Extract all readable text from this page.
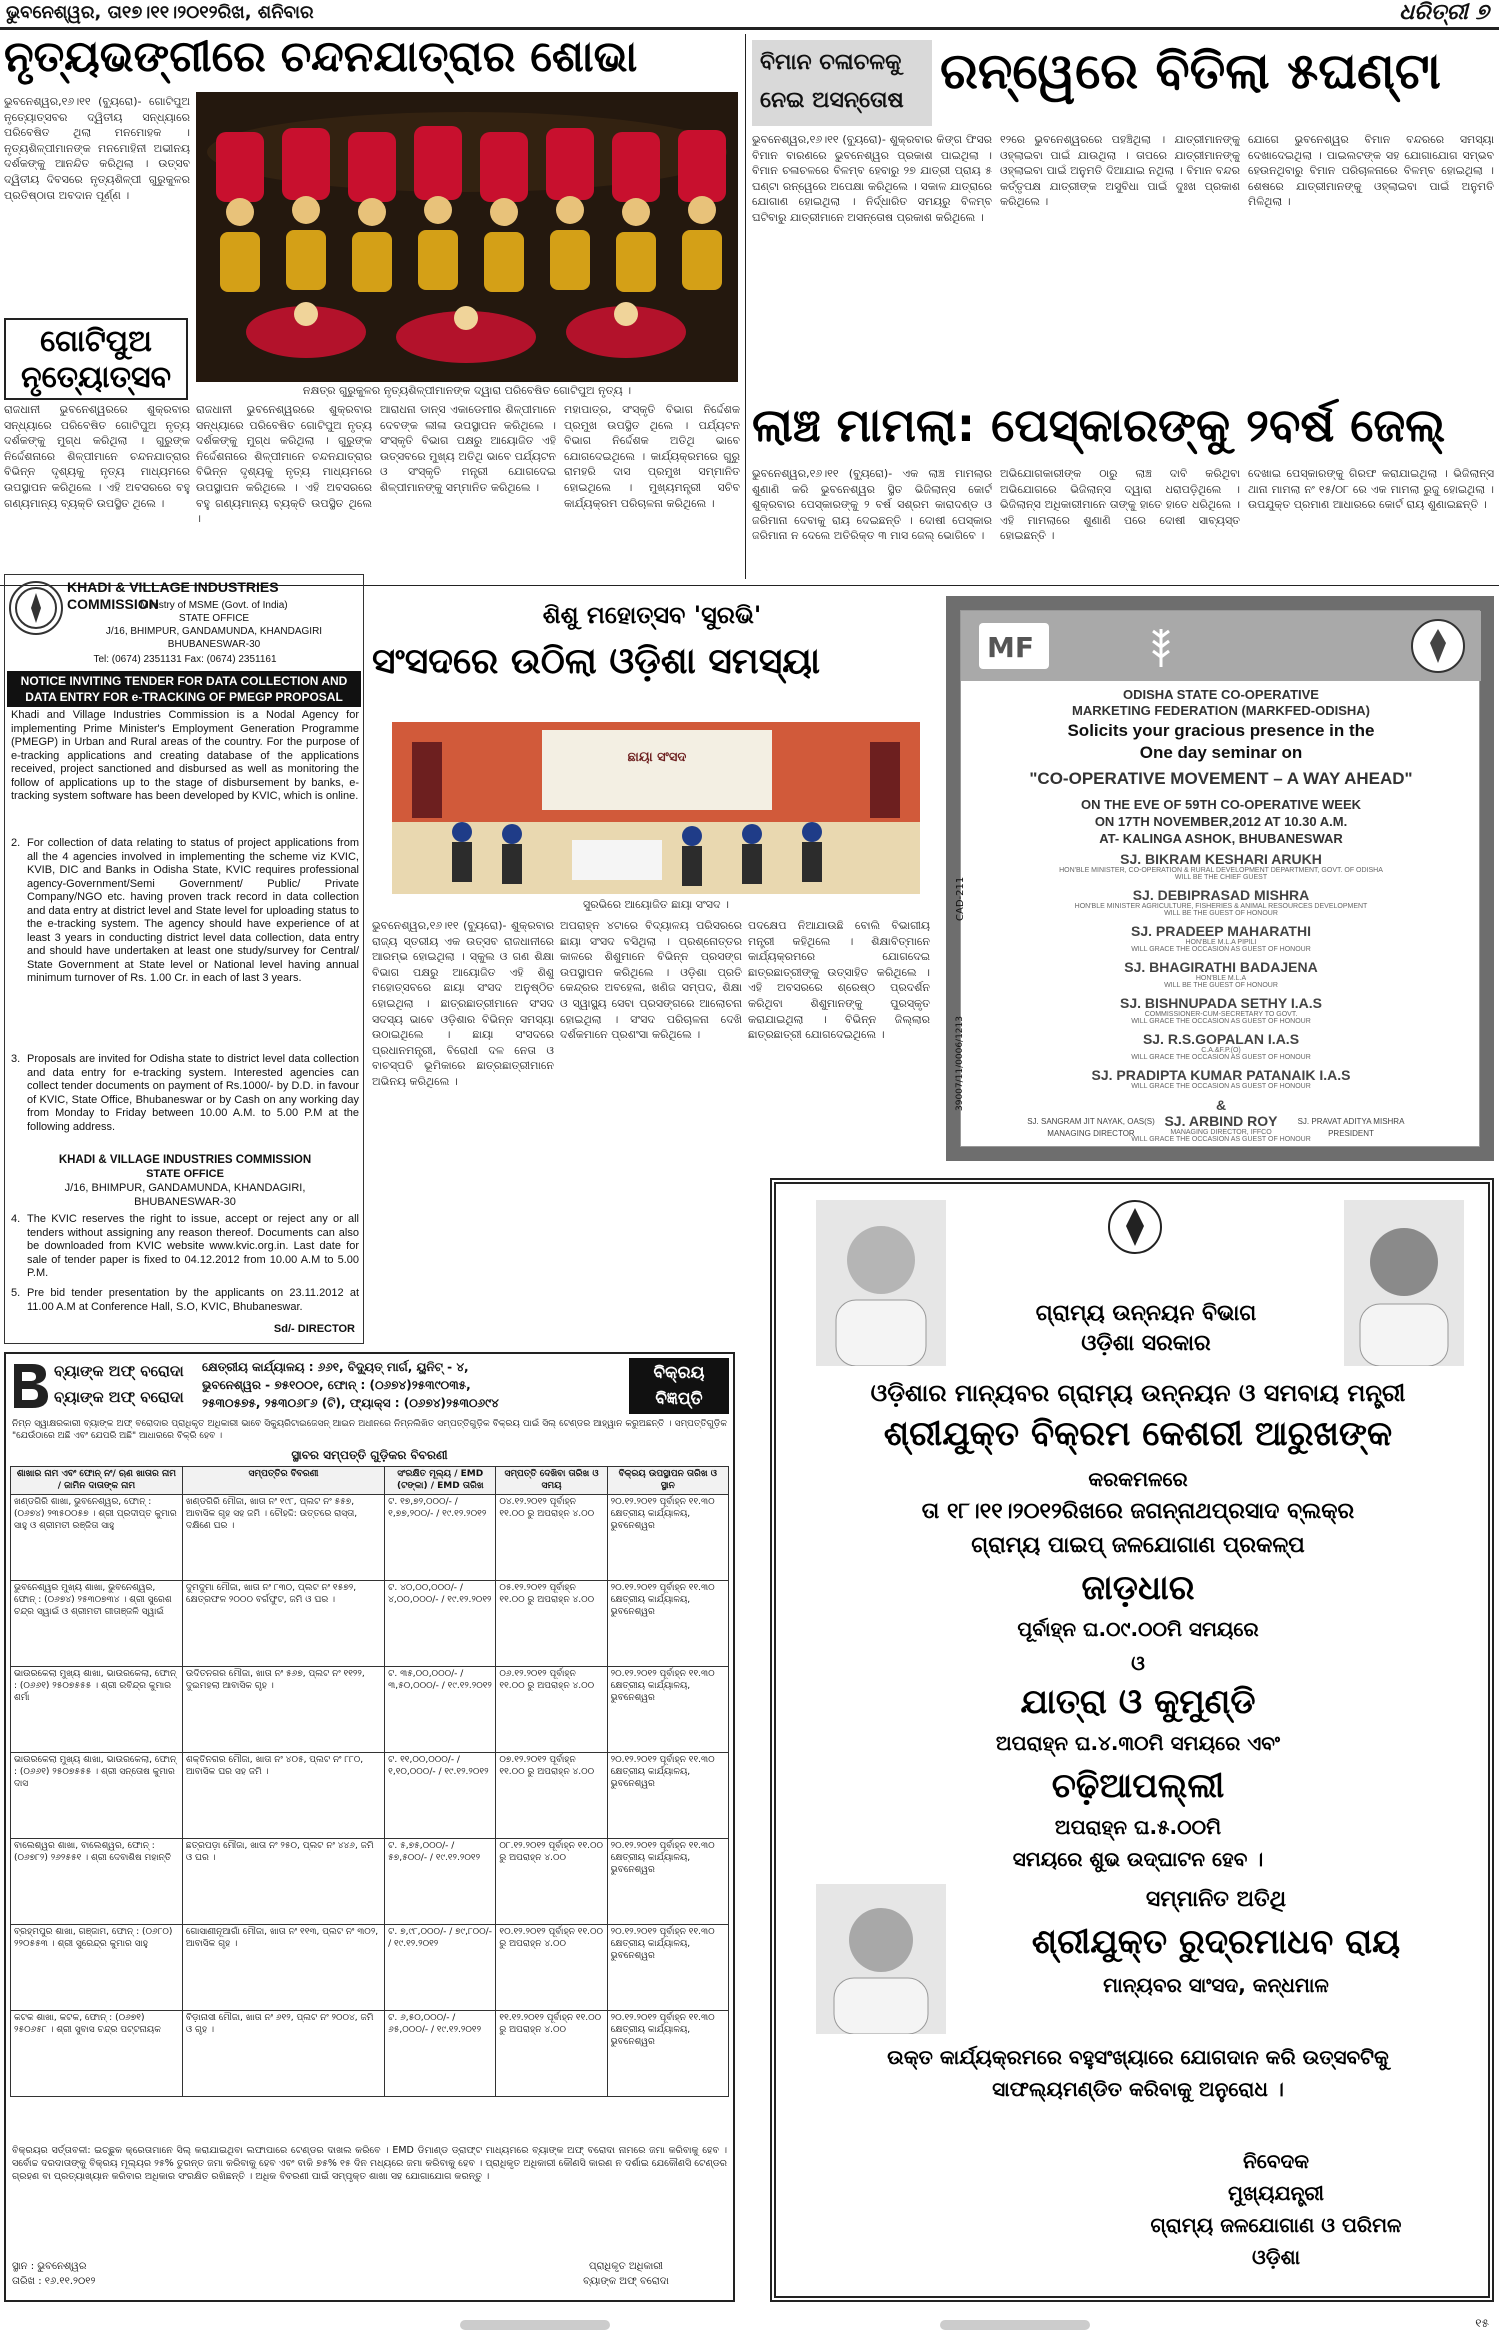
ଭୁବନେଶ୍ୱର, ତା୧୭।୧୧।୨୦୧୨ରିଖ, ଶନିବାର	ଧରିତ୍ରୀ ୭
ନୃତ୍ୟଭଙ୍ଗୀରେ ଚନ୍ଦନଯାତ୍ରାର ଶୋଭା
ଭୁବନେଶ୍ୱର,୧୬।୧୧ (ବ୍ୟୁରୋ)- ଗୋଟିପୁଅ ନୃତ୍ୟୋତ୍ସବର ଦ୍ୱିତୀୟ ସନ୍ଧ୍ୟାରେ ପରିବେଷିତ ଥିଲା ମନମୋହକ । ନୃତ୍ୟଶିଳ୍ପୀମାନଙ୍କ ମନମୋହିନୀ ଅଭୀନୟ ଦର୍ଶକଙ୍କୁ ଆନନ୍ଦିତ କରିଥିଲା । ଉତ୍ସବ ଦ୍ୱିତୀୟ ଦିବସରେ ନୃତ୍ୟଶିଳ୍ପୀ ଗୁରୁକୁଳର ପ୍ରତିଷ୍ଠାତା ଅବଦାନ ପୂର୍ଣ୍ଣ ।
ଗୋଟିପୁଅ ନୃତ୍ୟୋତ୍ସବ	ନକ୍ଷତ୍ର ଗୁରୁକୁଳର ନୃତ୍ୟଶିଳ୍ପୀମାନଙ୍କ ଦ୍ୱାରା ପରିବେଷିତ ଗୋଟିପୁଅ ନୃତ୍ୟ ।
ରାଜଧାନୀ ଭୁବନେଶ୍ୱରରେ ଶୁକ୍ରବାର ସନ୍ଧ୍ୟାରେ ପରିବେଷିତ ଗୋଟିପୁଅ ନୃତ୍ୟ ଦର୍ଶକଙ୍କୁ ମୁଗ୍ଧ କରିଥିଲା । ଗୁରୁଙ୍କ ନିର୍ଦ୍ଦେଶନାରେ ଶିଳ୍ପୀମାନେ ଚନ୍ଦନଯାତ୍ରାର ବିଭିନ୍ନ ଦୃଶ୍ୟକୁ ନୃତ୍ୟ ମାଧ୍ୟମରେ ଉପସ୍ଥାପନ କରିଥିଲେ । ଏହି ଅବସରରେ ବହୁ ଗଣ୍ୟମାନ୍ୟ ବ୍ୟକ୍ତି ଉପସ୍ଥିତ ଥିଲେ ।
ରାଜଧାନୀ ଭୁବନେଶ୍ୱରରେ ଶୁକ୍ରବାର ସନ୍ଧ୍ୟାରେ ପରିବେଷିତ ଗୋଟିପୁଅ ନୃତ୍ୟ ଦର୍ଶକଙ୍କୁ ମୁଗ୍ଧ କରିଥିଲା । ଗୁରୁଙ୍କ ନିର୍ଦ୍ଦେଶନାରେ ଶିଳ୍ପୀମାନେ ଚନ୍ଦନଯାତ୍ରାର ବିଭିନ୍ନ ଦୃଶ୍ୟକୁ ନୃତ୍ୟ ମାଧ୍ୟମରେ ଉପସ୍ଥାପନ କରିଥିଲେ । ଏହି ଅବସରରେ ବହୁ ଗଣ୍ୟମାନ୍ୟ ବ୍ୟକ୍ତି ଉପସ୍ଥିତ ଥିଲେ ।
ଆରାଧନା ଡାନ୍ସ ଏକାଡେମୀର ଶିଳ୍ପୀମାନେ ଦେବଙ୍କ ଲୀଳା ଉପସ୍ଥାପନ କରିଥିଲେ । ସଂସ୍କୃତି ବିଭାଗ ପକ୍ଷରୁ ଆୟୋଜିତ ଏହି ଉତ୍ସବରେ ମୁଖ୍ୟ ଅତିଥି ଭାବେ ପର୍ଯ୍ୟଟନ ଓ ସଂସ୍କୃତି ମନ୍ତ୍ରୀ ଯୋଗଦେଇ ଶିଳ୍ପୀମାନଙ୍କୁ ସମ୍ମାନିତ କରିଥିଲେ ।
ମହାପାତ୍ର, ସଂସ୍କୃତି ବିଭାଗ ନିର୍ଦ୍ଦେଶକ ପ୍ରମୁଖ ଉପସ୍ଥିତ ଥିଲେ । ପର୍ଯ୍ୟଟନ ବିଭାଗ ନିର୍ଦ୍ଦେଶକ ଅତିଥି ଭାବେ ଯୋଗଦେଇଥିଲେ । କାର୍ଯ୍ୟକ୍ରମରେ ଗୁରୁ ରାମହରି ଦାସ ପ୍ରମୁଖ ସମ୍ମାନିତ ହୋଇଥିଲେ । ମୁଖ୍ୟମନ୍ତ୍ରୀ ସଚିବ କାର୍ଯ୍ୟକ୍ରମ ପରିଚାଳନା କରିଥିଲେ ।
ବିମାନ ଚଳାଚଳକୁ
ନେଇ ଅସନ୍ତୋଷ
ରନ୍‌ୱେରେ ବିତିଲା ୫ଘଣ୍ଟା
ଭୁବନେଶ୍ୱର,୧୬।୧୧ (ବ୍ୟୁରୋ)- ଶୁକ୍ରବାର କିଙ୍ଗ ଫିସର ବିମାନ ବାରଣରେ ଭୁବନେଶ୍ୱର ପ୍ରକାଶ ପାଇଥିଲା । ବିମାନ ଚଳାଚଳରେ ବିଳମ୍ବ ହେବାରୁ ୨୭ ଯାତ୍ରୀ ପ୍ରାୟ ୫ ଘଣ୍ଟା ରନ୍‌ୱେରେ ଅପେକ୍ଷା କରିଥିଲେ । ସକାଳ ଯାତ୍ରାରେ ଯୋଗାଣ ହୋଇଥିଲା । ନିର୍ଦ୍ଧାରିତ ସମୟରୁ ବିଳମ୍ବ ଘଟିବାରୁ ଯାତ୍ରୀମାନେ ଅସନ୍ତୋଷ ପ୍ରକାଶ କରିଥିଲେ ।
୧୨ରେ ଭୁବନେଶ୍ୱରରେ ପହଞ୍ଚିଥିଲା । ଯାତ୍ରୀମାନଙ୍କୁ ଓହ୍ଲାଇବା ପାଇଁ ଯାଉଥିଲା । ତାପରେ ଯାତ୍ରୀମାନଙ୍କୁ ଓହ୍ଲାଇବା ପାଇଁ ଅନୁମତି ଦିଆଯାଇ ନଥିଲା । ବିମାନ ବନ୍ଦର କର୍ତ୍ତୃପକ୍ଷ ଯାତ୍ରୀଙ୍କ ଅସୁବିଧା ପାଇଁ ଦୁଃଖ ପ୍ରକାଶ କରିଥିଲେ ।
ଯୋଗେ ଭୁବନେଶ୍ୱର ବିମାନ ବନ୍ଦରରେ ସମସ୍ୟା ଦେଖାଦେଇଥିଲା । ପାଇଲଟଙ୍କ ସହ ଯୋଗାଯୋଗ ସମ୍ଭବ ହେଉନଥିବାରୁ ବିମାନ ପରିଚାଳନାରେ ବିଳମ୍ବ ହୋଇଥିଲା । ଶେଷରେ ଯାତ୍ରୀମାନଙ୍କୁ ଓହ୍ଲାଇବା ପାଇଁ ଅନୁମତି ମିଳିଥିଲା ।
ଲାଞ୍ଚ ମାମଲା: ପେସ୍କାରଙ୍କୁ ୨ବର୍ଷ ଜେଲ୍
ଭୁବନେଶ୍ୱର,୧୬।୧୧ (ବ୍ୟୁରୋ)- ଏକ ଲାଞ୍ଚ ମାମଲାର ଶୁଣାଣି କରି ଭୁବନେଶ୍ୱର ସ୍ଥିତ ଭିଜିଲାନ୍ସ କୋର୍ଟ ଶୁକ୍ରବାର ପେସ୍କାରଙ୍କୁ ୨ ବର୍ଷ ସଶ୍ରମ କାରାଦଣ୍ଡ ଓ ଜରିମାନା ଦେବାକୁ ରାୟ ଦେଇଛନ୍ତି । ଦୋଷୀ ପେସ୍କାର ଜରିମାନା ନ ଦେଲେ ଅତିରିକ୍ତ ୩ ମାସ ଜେଲ୍ ଭୋଗିବେ ।
ଅଭିଯୋଗକାରୀଙ୍କ ଠାରୁ ଲାଞ୍ଚ ଦାବି କରିଥିବା ଅଭିଯୋଗରେ ଭିଜିଲାନ୍ସ ଦ୍ୱାରା ଧରାପଡ଼ିଥିଲେ । ଭିଜିଲାନ୍ସ ଅଧିକାରୀମାନେ ତାଙ୍କୁ ହାତେ ହାତେ ଧରିଥିଲେ । ଏହି ମାମଲାରେ ଶୁଣାଣି ପରେ ଦୋଷୀ ସାବ୍ୟସ୍ତ ହୋଇଛନ୍ତି ।
ଦେଖାଇ ପେସ୍କାରଙ୍କୁ ଗିରଫ କରାଯାଇଥିଲା । ଭିଜିଲାନ୍ସ ଥାନା ମାମଲା ନଂ ୧୫/୦୮ ରେ ଏକ ମାମଲା ରୁଜୁ ହୋଇଥିଲା । ଉପଯୁକ୍ତ ପ୍ରମାଣ ଆଧାରରେ କୋର୍ଟ ରାୟ ଶୁଣାଇଛନ୍ତି ।
KHADI & VILLAGE INDUSTRIES COMMISSION
Ministry of MSME (Govt. of India)
STATE OFFICE
J/16, BHIMPUR, GANDAMUNDA, KHANDAGIRI
BHUBANESWAR-30
Tel: (0674) 2351131 Fax: (0674) 2351161
NOTICE INVITING TENDER FOR DATA COLLECTION AND DATA ENTRY FOR e-TRACKING OF PMEGP PROPOSAL
Khadi and Village Industries Commission is a Nodal Agency for implementing Prime Minister's Employment Generation Programme (PMEGP) in Urban and Rural areas of the country. For the purpose of e-tracking applications and creating database of the applications received, project sanctioned and disbursed as well as monitoring the follow of applications up to the stage of disbursement by banks, e-tracking system software has been developed by KVIC, which is online.
2. For collection of data relating to status of project applications from all the 4 agencies involved in implementing the scheme viz KVIC, KVIB, DIC and Banks in Odisha State, KVIC requires professional agency-Government/Semi Government/ Public/ Private Company/NGO etc. having proven track record in data collection and data entry at district level and State level for uploading status to the e-tracking system. The agency should have experience of at least 3 years in conducting district level data collection, data entry and should have undertaken at least one study/survey for Central/ State Government at State level or National level having annual minimum turnover of Rs. 1.00 Cr. in each of last 3 years.
3. Proposals are invited for Odisha state to district level data collection and data entry for e-tracking system. Interested agencies can collect tender documents on payment of Rs.1000/- by D.D. in favour of KVIC, State Office, Bhubaneswar or by Cash on any working day from Monday to Friday between 10.00 A.M. to 5.00 P.M at the following address.
KHADI & VILLAGE INDUSTRIES COMMISSION
STATE OFFICE
J/16, BHIMPUR, GANDAMUNDA, KHANDAGIRI, BHUBANESWAR-30
4. The KVIC reserves the right to issue, accept or reject any or all tenders without assigning any reason thereof. Documents can also be downloaded from KVIC website www.kvic.org.in. Last date for sale of tender paper is fixed to 04.12.2012 from 10.00 A.M to 5.00 P.M.
5. Pre bid tender presentation by the applicants on 23.11.2012 at 11.00 A.M at Conference Hall, S.O, KVIC, Bhubaneswar.
Sd/- DIRECTOR
ଶିଶୁ ମହୋତ୍ସବ 'ସୁରଭି'
ସଂସଦରେ ଉଠିଲା ଓଡ଼ିଶା ସମସ୍ୟା
ଛାୟା ସଂସଦ
ସୁରଭିରେ ଆୟୋଜିତ ଛାୟା ସଂସଦ ।
ଭୁବନେଶ୍ୱର,୧୬।୧୧ (ବ୍ୟୁରୋ)- ଶୁକ୍ରବାର ରାଜ୍ୟ ସ୍ତରୀୟ ଏକ ଉତ୍ସବ ରାଜଧାନୀରେ ଆରମ୍ଭ ହୋଇଥିଲା । ସ୍କୁଲ ଓ ଗଣ ଶିକ୍ଷା ବିଭାଗ ପକ୍ଷରୁ ଆୟୋଜିତ ଏହି ଶିଶୁ ମହୋତ୍ସବରେ ଛାୟା ସଂସଦ ଅନୁଷ୍ଠିତ ହୋଇଥିଲା । ଛାତ୍ରଛାତ୍ରୀମାନେ ସଂସଦ ସଦସ୍ୟ ଭାବେ ଓଡ଼ିଶାର ବିଭିନ୍ନ ସମସ୍ୟା ଉଠାଇଥିଲେ । ଛାୟା ସଂସଦରେ ପ୍ରଧାନମନ୍ତ୍ରୀ, ବିରୋଧୀ ଦଳ ନେତା ଓ ବାଚସ୍ପତି ଭୂମିକାରେ ଛାତ୍ରଛାତ୍ରୀମାନେ ଅଭିନୟ କରିଥିଲେ ।
ଅପରାହ୍ନ ୪ଟାରେ ବିଦ୍ୟାଳୟ ପରିସରରେ ଛାୟା ସଂସଦ ବସିଥିଲା । ପ୍ରଶ୍ନୋତ୍ତର କାଳରେ ଶିଶୁମାନେ ବିଭିନ୍ନ ପ୍ରସଙ୍ଗ ଉପସ୍ଥାପନ କରିଥିଲେ । ଓଡ଼ିଶା ପ୍ରତି କେନ୍ଦ୍ରର ଅବହେଳା, ଖଣିଜ ସମ୍ପଦ, ଶିକ୍ଷା ଓ ସ୍ୱାସ୍ଥ୍ୟ ସେବା ପ୍ରସଙ୍ଗରେ ଆଲୋଚନା ହୋଇଥିଲା । ସଂସଦ ପରିଚାଳନା ଦେଖି ଦର୍ଶକମାନେ ପ୍ରଶଂସା କରିଥିଲେ ।
ପଦକ୍ଷେପ ନିଆଯାଉଛି ବୋଲି ବିଭାଗୀୟ ମନ୍ତ୍ରୀ କହିଥିଲେ । ଶିକ୍ଷାବିତ୍ମାନେ କାର୍ଯ୍ୟକ୍ରମରେ ଯୋଗଦେଇ ଛାତ୍ରଛାତ୍ରୀଙ୍କୁ ଉତ୍ସାହିତ କରିଥିଲେ । ଏହି ଅବସରରେ ଶ୍ରେଷ୍ଠ ପ୍ରଦର୍ଶନ କରିଥିବା ଶିଶୁମାନଙ୍କୁ ପୁରସ୍କୃତ କରାଯାଇଥିଲା । ବିଭିନ୍ନ ଜିଲ୍ଲାର ଛାତ୍ରଛାତ୍ରୀ ଯୋଗଦେଇଥିଲେ ।
MF
CAD-211
39007/11/0006/1213
ODISHA STATE CO-OPERATIVE
MARKETING FEDERATION (MARKFED-ODISHA)
Solicits your gracious presence in the
One day seminar on
"CO-OPERATIVE MOVEMENT – A WAY AHEAD"
ON THE EVE OF 59TH CO-OPERATIVE WEEK
ON 17TH NOVEMBER,2012 AT 10.30 A.M.
AT- KALINGA ASHOK, BHUBANESWAR
SJ. BIKRAM KESHARI ARUKH
HON'BLE MINISTER, CO-OPERATION & RURAL DEVELOPMENT DEPARTMENT, GOVT. OF ODISHA
WILL BE THE CHIEF GUEST
SJ. DEBIPRASAD MISHRA
HON'BLE MINISTER AGRICULTURE, FISHERIES & ANIMAL RESOURCES DEVELOPMENT
WILL BE THE GUEST OF HONOUR
SJ. PRADEEP MAHARATHI
HON'BLE M.L.A PIPILI
WILL GRACE THE OCCASION AS GUEST OF HONOUR
SJ. BHAGIRATHI BADAJENA
HON'BLE M.L.A
WILL BE THE GUEST OF HONOUR
SJ. BISHNUPADA SETHY I.A.S
COMMISSIONER-CUM-SECRETARY TO GOVT.
WILL GRACE THE OCCASION AS GUEST OF HONOUR
SJ. R.S.GOPALAN I.A.S
C.A.&F.P.(O)
WILL GRACE THE OCCASION AS GUEST OF HONOUR
SJ. PRADIPTA KUMAR PATANAIK I.A.S
WILL GRACE THE OCCASION AS GUEST OF HONOUR
&
SJ. ARBIND ROY
MANAGING DIRECTOR, IFFCO
WILL GRACE THE OCCASION AS GUEST OF HONOUR
SJ. SANGRAM JIT NAYAK, OAS(S)
MANAGING DIRECTOR
SJ. PRAVAT ADITYA MISHRA
PRESIDENT
ବ୍ୟାଙ୍କ ଅଫ୍ ବରୋଦା
ବ୍ୟାଙ୍କ ଅଫ୍ ବରୋଦା
କ୍ଷେତ୍ରୀୟ କାର୍ଯ୍ୟାଳୟ : ୬୬୧, ବିଦ୍ୟୁତ୍ ମାର୍ଗ, ୟୁନିଟ୍ - ୪,
ଭୁବନେଶ୍ୱର - ୭୫୧୦୦୧, ଫୋନ୍ : (୦୬୭୪)୨୫୩୯୦୩୫,
୨୫୩୦୫୭୫, ୨୫୩୦୬୮୬ (ଟି), ଫ୍ୟାକ୍ସ : (୦୬୭୪)୨୫୩୦୬୯୪
ବିକ୍ରୟ
ବିଜ୍ଞପ୍ତି
ନିମ୍ନ ସ୍ୱାକ୍ଷରକାରୀ ବ୍ୟାଙ୍କ ଅଫ୍ ବରୋଦାର ପ୍ରାଧିକୃତ ଅଧିକାରୀ ଭାବେ ସିକ୍ୟୁରିଟାଇଜେସନ୍ ଆଇନ ଅଧୀନରେ ନିମ୍ନଲିଖିତ ସମ୍ପତ୍ତିଗୁଡ଼ିକ ବିକ୍ରୟ ପାଇଁ ସିଲ୍ ଟେଣ୍ଡର ଆହ୍ୱାନ କରୁଅଛନ୍ତି । ସମ୍ପତ୍ତିଗୁଡ଼ିକ "ଯେଉଁଠାରେ ଅଛି ଏବଂ ଯେପରି ଅଛି" ଆଧାରରେ ବିକ୍ରି ହେବ ।
ସ୍ଥାବର ସମ୍ପତ୍ତି ଗୁଡ଼ିକର ବିବରଣୀ
ଶାଖାର ନାମ ଏବଂ ଫୋନ୍ ନଂ/ ଋଣ ଖାତାର ନାମ / ଜାମିନ ଦାତାଙ୍କ ନାମ	ସମ୍ପତ୍ତିର ବିବରଣୀ	ସଂରକ୍ଷିତ ମୂଲ୍ୟ / EMD (ଟଙ୍କା) / EMD ତାରିଖ	ସମ୍ପତ୍ତି ଦେଖିବା ତାରିଖ ଓ ସମୟ	ବିକ୍ରୟ ଉପସ୍ଥାପନ ତାରିଖ ଓ ସ୍ଥାନ
ଖଣ୍ଡଗିରି ଶାଖା, ଭୁବନେଶ୍ୱର, ଫୋନ୍ : (୦୬୭୪) ୨୩୫୦୦୫୭ । ଶ୍ରୀ ପ୍ରଦୀପ୍ତ କୁମାର ସାହୁ ଓ ଶ୍ରୀମତୀ ରଞ୍ଜିତା ସାହୁ	ଖଣ୍ଡଗିରି ମୌଜା, ଖାତା ନଂ ୧୯୮, ପ୍ଲଟ ନଂ ୫୫୭, ଆବାସିକ ଗୃହ ସହ ଜମି । ଚୌହଦ୍ଦି: ଉତ୍ତରେ ରାସ୍ତା, ଦକ୍ଷିଣେ ଘର ।	ଟ. ୧୭,୭୨,୦୦୦/- / ୧,୭୭,୨୦୦/- / ୧୯.୧୨.୨୦୧୨	୦୪.୧୨.୨୦୧୨ ପୂର୍ବାହ୍ନ ୧୧.୦୦ ରୁ ଅପରାହ୍ନ ୪.୦୦	୨୦.୧୨.୨୦୧୨ ପୂର୍ବାହ୍ନ ୧୧.୩୦ କ୍ଷେତ୍ରୀୟ କାର୍ଯ୍ୟାଳୟ, ଭୁବନେଶ୍ୱର
ଭୁବନେଶ୍ୱର ମୁଖ୍ୟ ଶାଖା, ଭୁବନେଶ୍ୱର, ଫୋନ୍ : (୦୬୭୪) ୨୫୩୦୭୩୪ । ଶ୍ରୀ ସୁରେଶ ଚନ୍ଦ୍ର ସ୍ୱାଇଁ ଓ ଶ୍ରୀମତୀ ଗୀତାଞ୍ଜଳି ସ୍ୱାଇଁ	ଦୁମଦୁମା ମୌଜା, ଖାତା ନଂ ୮୩୦, ପ୍ଲଟ ନଂ ୧୫୭୨, କ୍ଷେତ୍ରଫଳ ୨୦୦୦ ବର୍ଗଫୁଟ, ଜମି ଓ ଘର ।	ଟ. ୪୦,୦୦,୦୦୦/- / ୪,୦୦,୦୦୦/- / ୧୯.୧୨.୨୦୧୨	୦୫.୧୨.୨୦୧୨ ପୂର୍ବାହ୍ନ ୧୧.୦୦ ରୁ ଅପରାହ୍ନ ୪.୦୦	୨୦.୧୨.୨୦୧୨ ପୂର୍ବାହ୍ନ ୧୧.୩୦ କ୍ଷେତ୍ରୀୟ କାର୍ଯ୍ୟାଳୟ, ଭୁବନେଶ୍ୱର
ଭାଉରକେଲା ମୁଖ୍ୟ ଶାଖା, ଭାଉରକେଲା, ଫୋନ୍ : (୦୬୬୧) ୨୫୦୭୫୫୫ । ଶ୍ରୀ ରବିନ୍ଦ୍ର କୁମାର ଶର୍ମା	ଉଦିତନଗର ମୌଜା, ଖାତା ନଂ ୫୬୭, ପ୍ଲଟ ନଂ ୧୧୨୨, ଦୁଇମହଲା ଆବାସିକ ଗୃହ ।	ଟ. ୩୫,୦୦,୦୦୦/- / ୩,୫୦,୦୦୦/- / ୧୯.୧୨.୨୦୧୨	୦୬.୧୨.୨୦୧୨ ପୂର୍ବାହ୍ନ ୧୧.୦୦ ରୁ ଅପରାହ୍ନ ୪.୦୦	୨୦.୧୨.୨୦୧୨ ପୂର୍ବାହ୍ନ ୧୧.୩୦ କ୍ଷେତ୍ରୀୟ କାର୍ଯ୍ୟାଳୟ, ଭୁବନେଶ୍ୱର
ଭାଉରକେଲା ମୁଖ୍ୟ ଶାଖା, ଭାଉରକେଲା, ଫୋନ୍ : (୦୬୬୧) ୨୫୦୭୫୫୫ । ଶ୍ରୀ ସନ୍ତୋଷ କୁମାର ଦାସ	ଶକ୍ତିନଗର ମୌଜା, ଖାତା ନଂ ୪୦୫, ପ୍ଲଟ ନଂ ୮୮୦, ଆବାସିକ ଘର ସହ ଜମି ।	ଟ. ୧୧,୦୦,୦୦୦/- / ୧,୧୦,୦୦୦/- / ୧୯.୧୨.୨୦୧୨	୦୭.୧୨.୨୦୧୨ ପୂର୍ବାହ୍ନ ୧୧.୦୦ ରୁ ଅପରାହ୍ନ ୪.୦୦	୨୦.୧୨.୨୦୧୨ ପୂର୍ବାହ୍ନ ୧୧.୩୦ କ୍ଷେତ୍ରୀୟ କାର୍ଯ୍ୟାଳୟ, ଭୁବନେଶ୍ୱର
ବାଲେଶ୍ୱର ଶାଖା, ବାଲେଶ୍ୱର, ଫୋନ୍ : (୦୬୭୮୨) ୨୬୨୫୫୧ । ଶ୍ରୀ ଦେବାଶିଷ ମହାନ୍ତି	ଛତ୍ରପଡ଼ା ମୌଜା, ଖାତା ନଂ ୨୫୦, ପ୍ଲଟ ନଂ ୪୪୬, ଜମି ଓ ଘର ।	ଟ. ୫,୭୫,୦୦୦/- / ୫୭,୫୦୦/- / ୧୯.୧୨.୨୦୧୨	୦୮.୧୨.୨୦୧୨ ପୂର୍ବାହ୍ନ ୧୧.୦୦ ରୁ ଅପରାହ୍ନ ୪.୦୦	୨୦.୧୨.୨୦୧୨ ପୂର୍ବାହ୍ନ ୧୧.୩୦ କ୍ଷେତ୍ରୀୟ କାର୍ଯ୍ୟାଳୟ, ଭୁବନେଶ୍ୱର
ବ୍ରହ୍ମପୁର ଶାଖା, ଗଞ୍ଜାମ, ଫୋନ୍ : (୦୬୮୦) ୨୨୦୫୫୩ । ଶ୍ରୀ ସୁରେନ୍ଦ୍ର କୁମାର ସାହୁ	ଗୋସାଣୀନୂଆଗାଁ ମୌଜା, ଖାତା ନଂ ୧୧୩, ପ୍ଲଟ ନଂ ୩୦୨, ଆବାସିକ ଗୃହ ।	ଟ. ୭,୯୮,୦୦୦/- / ୭୯,୮୦୦/- / ୧୯.୧୨.୨୦୧୨	୧୦.୧୨.୨୦୧୨ ପୂର୍ବାହ୍ନ ୧୧.୦୦ ରୁ ଅପରାହ୍ନ ୪.୦୦	୨୦.୧୨.୨୦୧୨ ପୂର୍ବାହ୍ନ ୧୧.୩୦ କ୍ଷେତ୍ରୀୟ କାର୍ଯ୍ୟାଳୟ, ଭୁବନେଶ୍ୱର
କଟକ ଶାଖା, କଟକ, ଫୋନ୍ : (୦୬୭୧) ୨୫୦୬୫୮ । ଶ୍ରୀ ସୁବାସ ଚନ୍ଦ୍ର ପଟ୍ଟନାୟକ	ବିଡ଼ାନାସୀ ମୌଜା, ଖାତା ନଂ ୬୧୨, ପ୍ଲଟ ନଂ ୨୦୦୪, ଜମି ଓ ଗୃହ ।	ଟ. ୬,୫୦,୦୦୦/- / ୬୫,୦୦୦/- / ୧୯.୧୨.୨୦୧୨	୧୧.୧୨.୨୦୧୨ ପୂର୍ବାହ୍ନ ୧୧.୦୦ ରୁ ଅପରାହ୍ନ ୪.୦୦	୨୦.୧୨.୨୦୧୨ ପୂର୍ବାହ୍ନ ୧୧.୩୦ କ୍ଷେତ୍ରୀୟ କାର୍ଯ୍ୟାଳୟ, ଭୁବନେଶ୍ୱର
ବିକ୍ରୟର ସର୍ତ୍ତାବଳୀ: ଇଚ୍ଛୁକ କ୍ରେତାମାନେ ସିଲ୍ କରାଯାଇଥିବା ଲଫାପାରେ ଟେଣ୍ଡର ଦାଖଲ କରିବେ । EMD ଡିମାଣ୍ଡ ଡ୍ରାଫ୍ଟ ମାଧ୍ୟମରେ ବ୍ୟାଙ୍କ ଅଫ୍ ବରୋଦା ନାମରେ ଜମା କରିବାକୁ ହେବ । ସର୍ବୋଚ୍ଚ ଦରଦାତାଙ୍କୁ ବିକ୍ରୟ ମୂଲ୍ୟର ୨୫% ତୁରନ୍ତ ଜମା କରିବାକୁ ହେବ ଏବଂ ବାକି ୭୫% ୧୫ ଦିନ ମଧ୍ୟରେ ଜମା କରିବାକୁ ହେବ । ପ୍ରାଧିକୃତ ଅଧିକାରୀ କୌଣସି କାରଣ ନ ଦର୍ଶାଇ ଯେକୌଣସି ଟେଣ୍ଡର ଗ୍ରହଣ ବା ପ୍ରତ୍ୟାଖ୍ୟାନ କରିବାର ଅଧିକାର ସଂରକ୍ଷିତ ରଖିଛନ୍ତି । ଅଧିକ ବିବରଣୀ ପାଇଁ ସମ୍ପୃକ୍ତ ଶାଖା ସହ ଯୋଗାଯୋଗ କରନ୍ତୁ ।
ସ୍ଥାନ : ଭୁବନେଶ୍ୱର
ତାରିଖ : ୧୬.୧୧.୨୦୧୨
ପ୍ରାଧିକୃତ ଅଧିକାରୀ
ବ୍ୟାଙ୍କ ଅଫ୍ ବରୋଦା
ଗ୍ରାମ୍ୟ ଉନ୍ନୟନ ବିଭାଗ
ଓଡ଼ିଶା ସରକାର
ଓଡ଼ିଶାର ମାନ୍ୟବର ଗ୍ରାମ୍ୟ ଉନ୍ନୟନ ଓ ସମବାୟ ମନ୍ତ୍ରୀ
ଶ୍ରୀଯୁକ୍ତ ବିକ୍ରମ କେଶରୀ ଆରୁଖଙ୍କ
କରକମଳରେ
ତା ୧୮।୧୧।୨୦୧୨ରିଖରେ ଜଗନ୍ନାଥପ୍ରସାଦ ବ୍ଲକ୍‌ର
ଗ୍ରାମ୍ୟ ପାଇପ୍ ଜଳଯୋଗାଣ ପ୍ରକଳ୍ପ
ଜାଡ଼ଧାର
ପୂର୍ବାହ୍ନ ଘ.୦୯.୦୦ମି ସମୟରେ
ଓ
ଯାତ୍ରା ଓ କୁମୁଣ୍ଡି
ଅପରାହ୍ନ ଘ.୪.୩୦ମି ସମୟରେ ଏବଂ
ଚଢ଼ିଆପଲ୍ଲୀ
ଅପରାହ୍ନ ଘ.୫.୦୦ମି
ସମୟରେ ଶୁଭ ଉଦ୍‌ଘାଟନ ହେବ ।
ସମ୍ମାନିତ ଅତିଥି
ଶ୍ରୀଯୁକ୍ତ ରୁଦ୍ରମାଧବ ରାୟ
ମାନ୍ୟବର ସାଂସଦ, କନ୍ଧମାଳ
ଉକ୍ତ କାର୍ଯ୍ୟକ୍ରମରେ ବହୁସଂଖ୍ୟାରେ ଯୋଗଦାନ କରି ଉତ୍ସବଟିକୁ
ସାଫଲ୍ୟମଣ୍ଡିତ କରିବାକୁ ଅନୁରୋଧ ।
ନିବେଦକ
ମୁଖ୍ୟଯନ୍ତ୍ରୀ
ଗ୍ରାମ୍ୟ ଜଳଯୋଗାଣ ଓ ପରିମଳ
ଓଡ଼ିଶା
୧୫
